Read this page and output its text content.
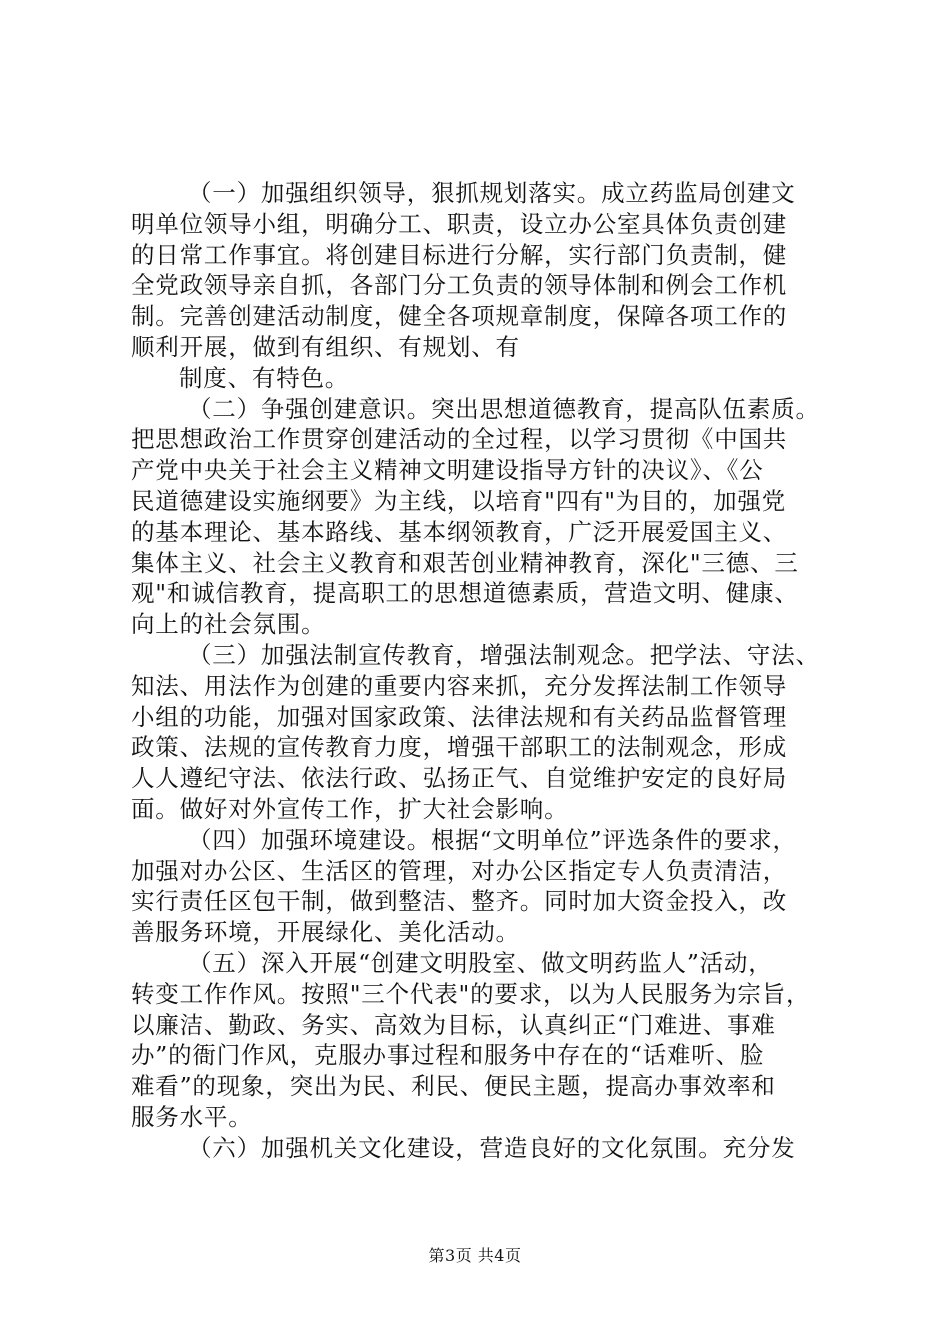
（一）加强组织领导，狠抓规划落实。成立药监局创建文
明单位领导小组，明确分工、职责，设立办公室具体负责创建
的日常工作事宜。将创建目标进行分解，实行部门负责制，健
全党政领导亲自抓，各部门分工负责的领导体制和例会工作机
制。完善创建活动制度，健全各项规章制度，保障各项工作的
顺利开展，做到有组织、有规划、有
制度、有特色。
（二）争强创建意识。突出思想道德教育，提高队伍素质。
把思想政治工作贯穿创建活动的全过程，以学习贯彻《中国共
产党中央关于社会主义精神文明建设指导方针的决议》、《公
民道德建设实施纲要》为主线，以培育"四有"为目的，加强党
的基本理论、基本路线、基本纲领教育，广泛开展爱国主义、
集体主义、社会主义教育和艰苦创业精神教育，深化"三德、三
观"和诚信教育，提高职工的思想道德素质，营造文明、健康、
向上的社会氛围。
（三）加强法制宣传教育，增强法制观念。把学法、守法、
知法、用法作为创建的重要内容来抓，充分发挥法制工作领导
小组的功能，加强对国家政策、法律法规和有关药品监督管理
政策、法规的宣传教育力度，增强干部职工的法制观念，形成
人人遵纪守法、依法行政、弘扬正气、自觉维护安定的良好局
面。做好对外宣传工作，扩大社会影响。
（四）加强环境建设。根据“文明单位”评选条件的要求，
加强对办公区、生活区的管理，对办公区指定专人负责清洁，
实行责任区包干制，做到整洁、整齐。同时加大资金投入，改
善服务环境，开展绿化、美化活动。
（五）深入开展“创建文明股室、做文明药监人”活动，
转变工作作风。按照"三个代表"的要求，以为人民服务为宗旨，
以廉洁、勤政、务实、高效为目标，认真纠正“门难进、事难
办”的衙门作风，克服办事过程和服务中存在的“话难听、脸
难看”的现象，突出为民、利民、便民主题，提高办事效率和
服务水平。
（六）加强机关文化建设，营造良好的文化氛围。充分发
第3页 共4页
